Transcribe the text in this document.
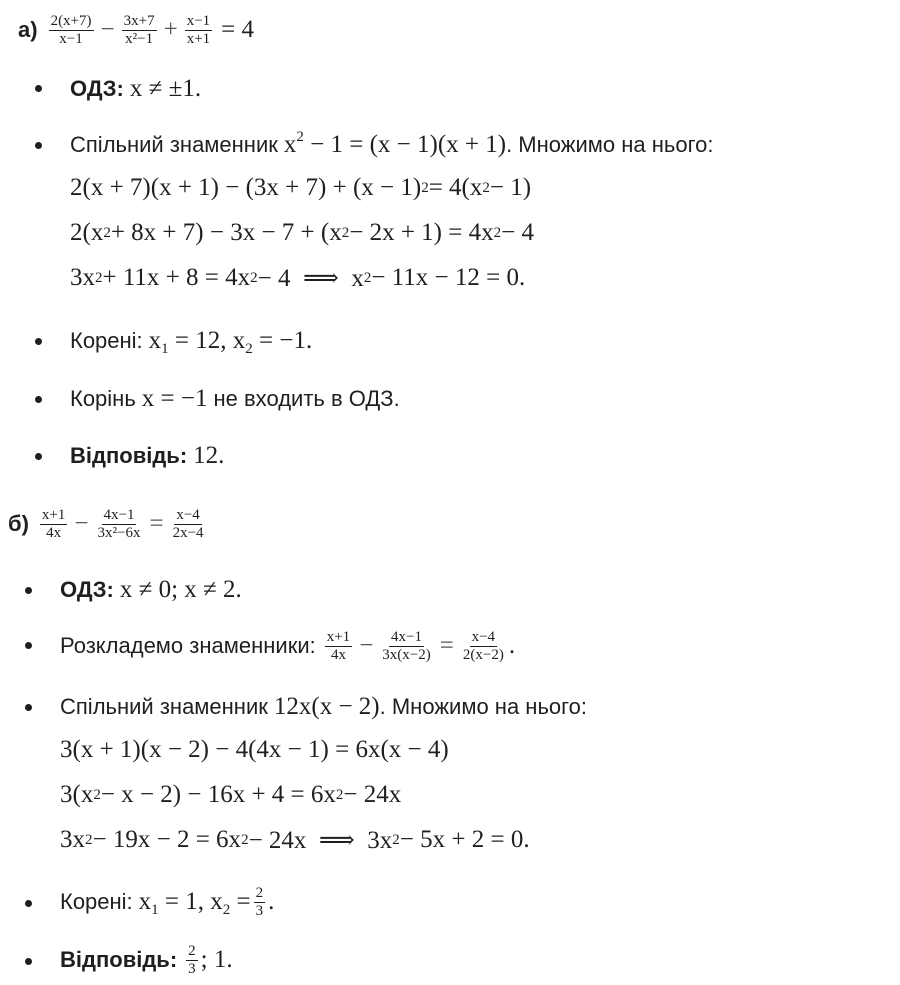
$а) \frac{2(x+7)}{x-1} - \frac{3x+7}{\text{x²−1}} + \frac{x-1}{x+1} = 4$
ОДЗ: x ≠ ±1.
Спільний знаменник $x^2 - 1 = (x - 1)(x + 1)$ . Множимо на нього:
2(x + 7)(x + 1) − (3x + 7) + (x − 1) 2 = 4(x 2 − 1)
2(x 2 + 8x + 7) − 3x − 7 + (x 2 − 2x + 1) = 4x 2 − 4
3x 2 + 11x + 8 = 4x 2 − 4  ⟹  x 2 − 11x − 12 = 0.
Корені: $x_1 = 12$, $x_2 = -1$.
Корінь x = −1 не входить в ОДЗ.
Відповідь: 12.
$б) \frac{x+1}{4x} - \frac{4x-1}{\text{3x²−6x}} = \frac{x-4}{2x-4}$
ОДЗ: x ≠ 0; x ≠ 2.
Розкладемо знаменники: $\frac{x+1}{4x} - \frac{4x-1}{3x(x-2)} = \frac{x-4}{2(x-2)}$ .
Спільний знаменник 12x(x − 2) . Множимо на нього:
3(x + 1)(x − 2) − 4(4x − 1) = 6x(x − 4)
3(x 2 − x − 2) − 16x + 4 = 6x 2 − 24x
3x 2 − 19x − 2 = 6x 2 − 24x  ⟹  3x 2 − 5x + 2 = 0.
Корені: $x_1 = 1$, $x_2 = \frac{2}{3}$ .
Відповідь: $\frac{2}{3}$ ; 1.
